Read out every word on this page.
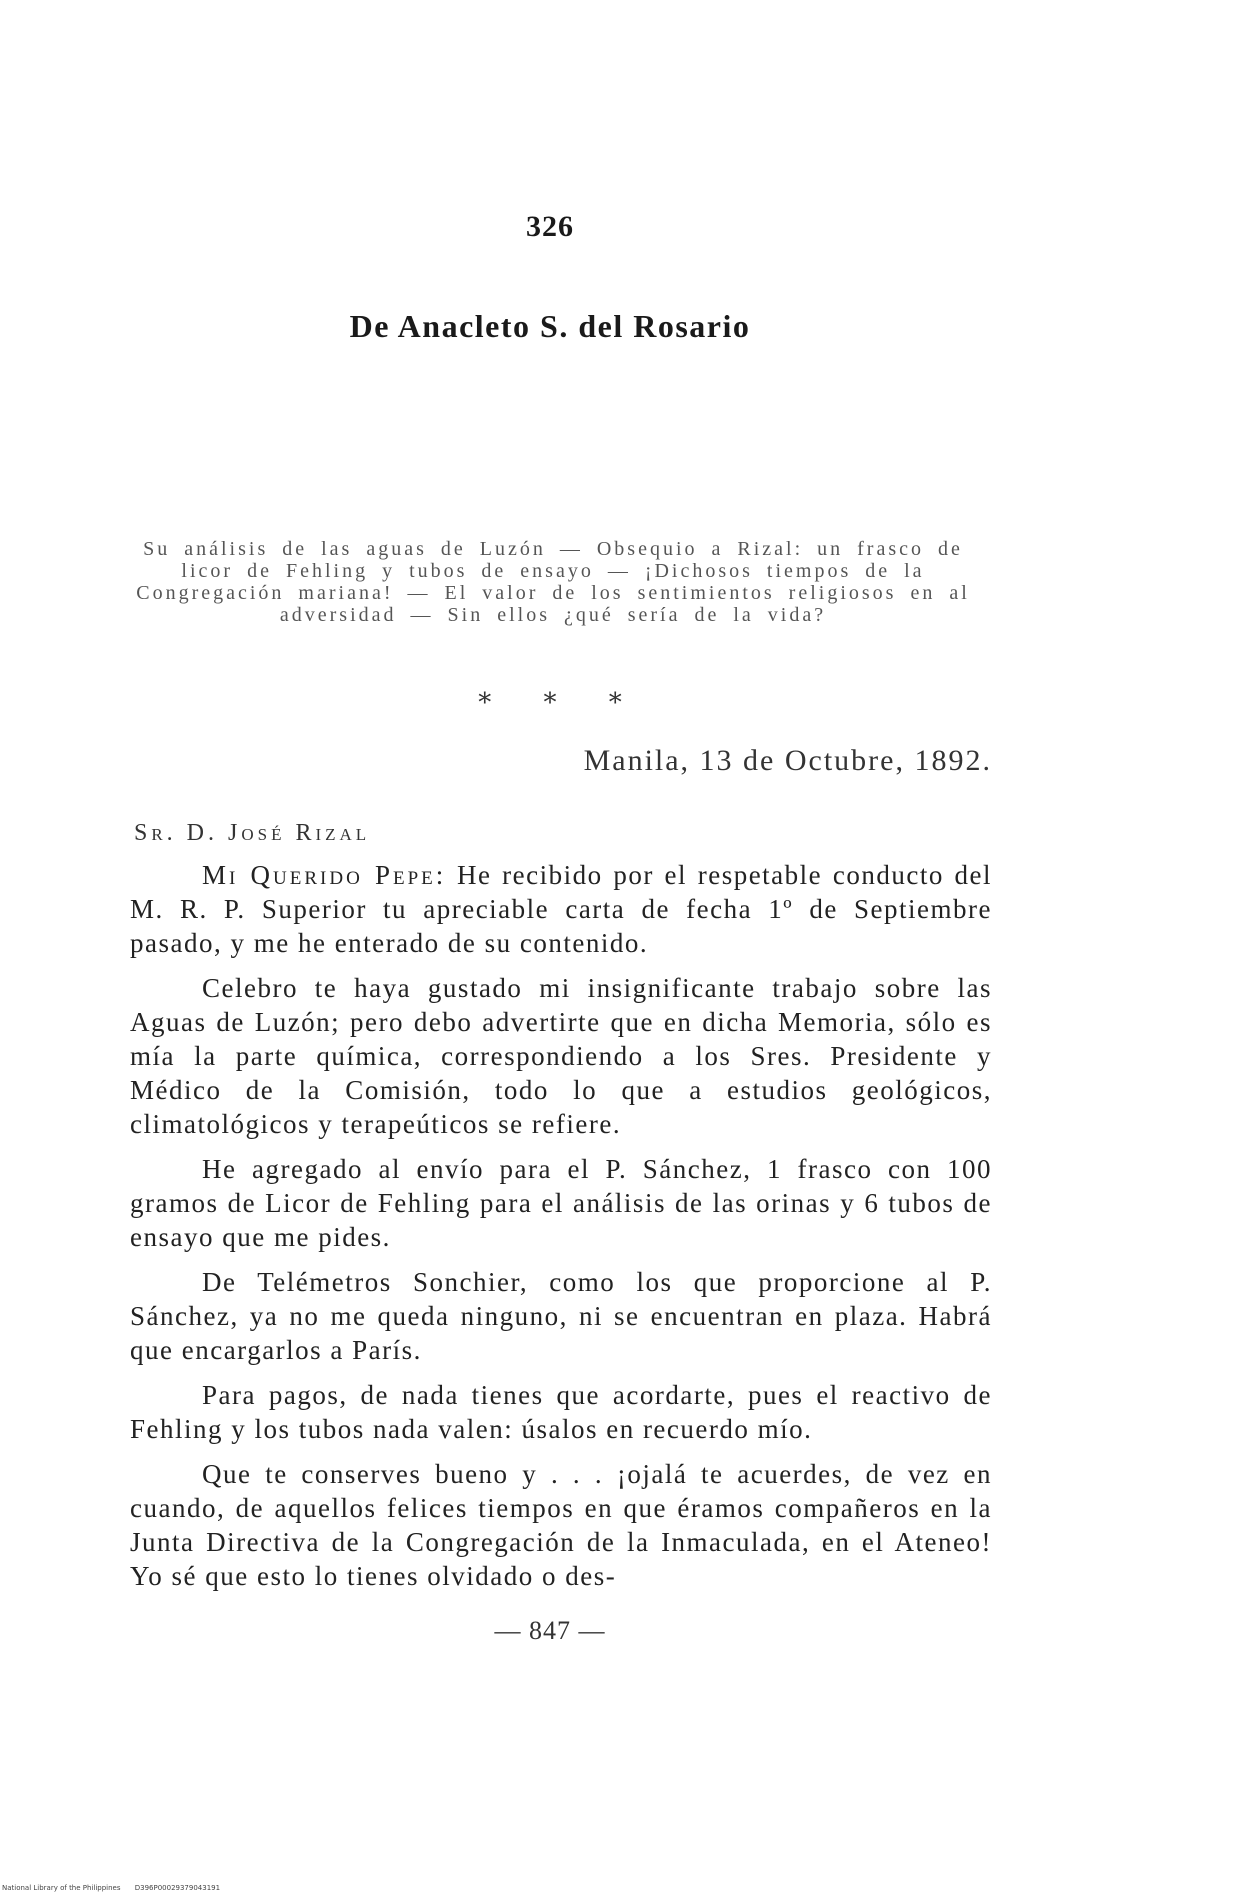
326
De Anacleto S. del Rosario
Su análisis de las aguas de Luzón — Obsequio a Rizal: un frasco de licor de Fehling y tubos de ensayo — ¡Dichosos tiempos de la Congregación mariana! — El valor de los sentimientos religiosos en al adversidad — Sin ellos ¿qué sería de la vida?
* * *
Manila, 13 de Octubre, 1892.
Sr. D. José Rizal

Mi Querido Pepe: He recibido por el respetable conducto del M. R. P. Superior tu apreciable carta de fecha 1º de Septiembre pasado, y me he enterado de su contenido.

Celebro te haya gustado mi insignificante trabajo sobre las Aguas de Luzón; pero debo advertirte que en dicha Memoria, sólo es mía la parte química, correspondiendo a los Sres. Presidente y Médico de la Comisión, todo lo que a estudios geológicos, climatológicos y terapeúticos se refiere.

He agregado al envío para el P. Sánchez, 1 frasco con 100 gramos de Licor de Fehling para el análisis de las orinas y 6 tubos de ensayo que me pides.

De Telémetros Sonchier, como los que proporcione al P. Sánchez, ya no me queda ninguno, ni se encuentran en plaza. Habrá que encargarlos a París.

Para pagos, de nada tienes que acordarte, pues el reactivo de Fehling y los tubos nada valen: úsalos en recuerdo mío.

Que te conserves bueno y . . . ¡ojalá te acuerdes, de vez en cuando, de aquellos felices tiempos en que éramos compañeros en la Junta Directiva de la Congregación de la Inmaculada, en el Ateneo! Yo sé que esto lo tienes olvidado o des-

— 847 —
National Library of the Philippines D396P00029379043191
